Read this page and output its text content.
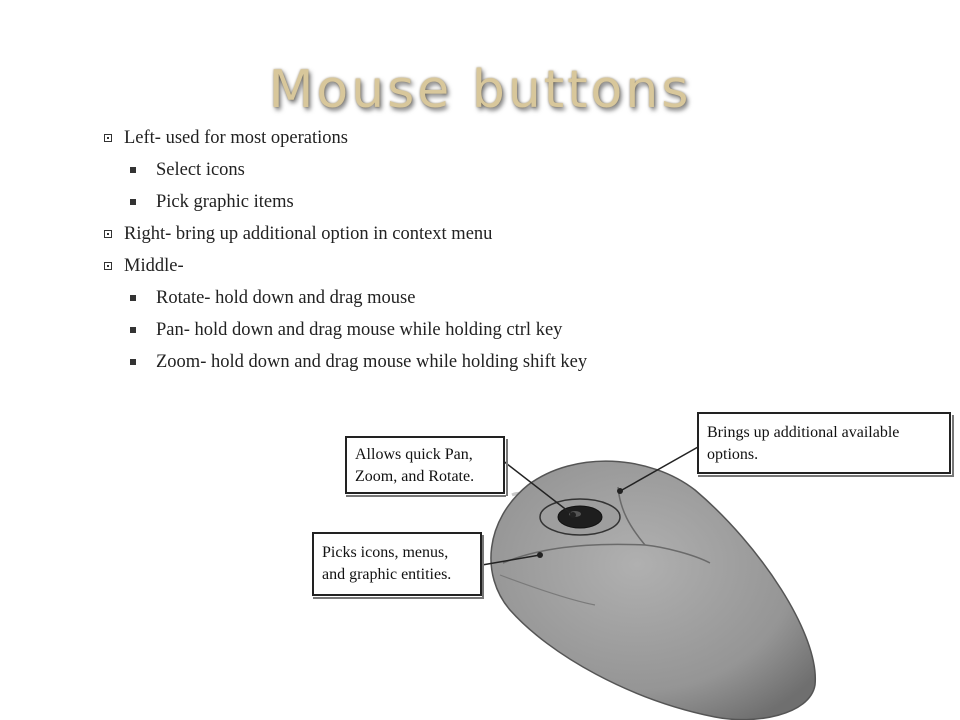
Mouse buttons
Left- used for most operations
Select icons
Pick graphic items
Right- bring up additional option in context menu
Middle-
Rotate- hold down and drag mouse
Pan- hold down and drag mouse while holding ctrl key
Zoom- hold down and drag mouse while holding shift key
Allows quick Pan,
Zoom, and Rotate.
Brings up additional available
options.
Picks icons, menus,
and graphic entities.
